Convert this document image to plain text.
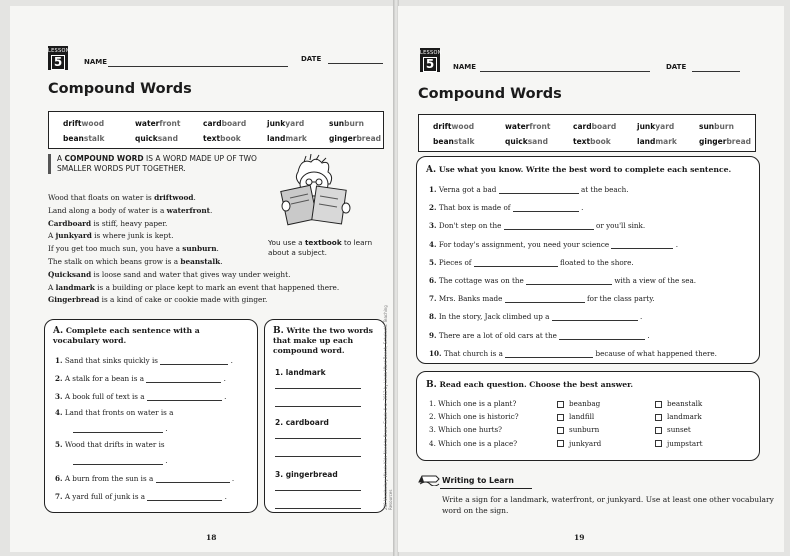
LESSON
5	NAME	DATE
Compound Words
driftwood	waterfront	cardboard	junkyard	sunburn
beanstalk	quicksand	textbook	landmark	gingerbread
A COMPOUND WORD IS A WORD MADE UP OF TWO SMALLER WORDS PUT TOGETHER.
Wood that floats on water is driftwood.
Land along a body of water is a waterfront.
Cardboard is stiff, heavy paper.
A junkyard is where junk is kept.
If you get too much sun, you have a sunburn.
The stalk on which beans grow is a beanstalk.
Quicksand is loose sand and water that gives way under weight.
A landmark is a building or place kept to mark an event that happened there.
Gingerbread is a kind of cake or cookie made with ginger.
You use a textbook to learn about a subject.
A. Complete each sentence with a vocabulary word.
1. Sand that sinks quickly is	.
2. A stalk for a bean is a	.
3. A book full of text is a	.
4. Land that fronts on water is a
.
5. Wood that drifts in water is
.
6. A burn from the sun is a	.
7. A yard full of junk is a	.
B. Write the two words that make up each compound word.
1. landmark
2. cardboard
3. gingerbread
18
240 Vocabulary Words Kids Need to Know: Grade 4 © 2012 by Linda Ward Beech, Scholastic Teaching Resources
LESSON
5	NAME	DATE
Compound Words
driftwood	waterfront	cardboard	junkyard	sunburn
beanstalk	quicksand	textbook	landmark	gingerbread
A. Use what you know. Write the best word to complete each sentence.
1. Verna got a bad	at the beach.
2. That box is made of	.
3. Don't step on the	or you'll sink.
4. For today's assignment, you need your science	.
5. Pieces of	floated to the shore.
6. The cottage was on the	with a view of the sea.
7. Mrs. Banks made	for the class party.
8. In the story, Jack climbed up a	.
9. There are a lot of old cars at the	.
10. That church is a	because of what happened there.
B. Read each question. Choose the best answer.
1. Which one is a plant?	beanbag	beanstalk
2. Which one is historic?	landfill	landmark
3. Which one hurts?	sunburn	sunset
4. Which one is a place?	junkyard	jumpstart
Writing to Learn
Write a sign for a landmark, waterfront, or junkyard. Use at least one other vocabulary word on the sign.
19
